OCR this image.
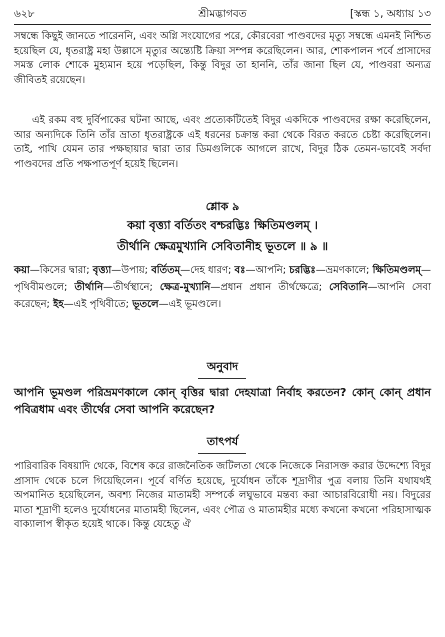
৬২৮	শ্রীমদ্ভাগবত	[স্কন্ধ ১, অধ্যায় ১৩

সম্বন্ধে কিছুই জানতে পারেননি, এবং অগ্নি সংযোগের পরে, কৌরবেরা পাণ্ডবদের মৃত্যু সম্বন্ধে এমনই নিশ্চিত হয়েছিল যে, ধৃতরাষ্ট্র মহা উল্লাসে মৃত্যুর অন্ত্যেষ্টি ক্রিয়া সম্পন্ন করেছিলেন। আর, শোকপালন পর্বে প্রাসাদের সমস্ত লোক শোকে মুহ্যমান হয়ে পড়েছিল, কিন্তু বিদুর তা হাননি, তাঁর জানা ছিল যে, পাণ্ডবরা অন্যত্র জীবিতই রয়েছেন।

এই রকম বহু দুর্বিপাকের ঘটনা আছে, এবং প্রত্যেকটিতেই বিদুর একদিকে পাণ্ডবদের রক্ষা করেছিলেন, আর অন্যদিকে তিনি তাঁর ভ্রাতা ধৃতরাষ্ট্রকে এই ধরনের চক্রান্ত করা থেকে বিরত করতে চেষ্টা করেছিলেন। তাই, পাখি যেমন তার পক্ষছায়ার দ্বারা তার ডিমগুলিকে আগলে রাখে, বিদুর ঠিক তেমন-ভাবেই সর্বদা পাণ্ডবদের প্রতি পক্ষপাতপূর্ণ হয়েই ছিলেন।

শ্লোক ৯
কয়া বৃত্ত্যা বর্তিতং বশ্চরদ্ভিঃ ক্ষিতিমণ্ডলম্ ।
তীর্থানি ক্ষেত্রমুখ্যানি সেবিতানীহ ভূতলে ॥ ৯ ॥

কয়া—কিসের দ্বারা; বৃত্ত্যা—উপায়; বর্তিতম্—দেহ ধারণ; বঃ—আপনি; চরদ্ভিঃ—ভ্রমণকালে; ক্ষিতিমণ্ডলম্—পৃথিবীমণ্ডলে; তীর্থানি—তীর্থস্থানে; ক্ষেত্র-মুখ্যানি—প্রধান প্রধান তীর্থক্ষেত্রে; সেবিতানি—আপনি সেবা করেছেন; ইহ—এই পৃথিবীতে; ভূতলে—এই ভূমণ্ডলে।

অনুবাদ

আপনি ভূমণ্ডল পরিভ্রমণকালে কোন্ বৃত্তির দ্বারা দেহযাত্রা নির্বাহ করতেন? কোন্ কোন্ প্রধান পবিত্রধাম এবং তীর্থের সেবা আপনি করেছেন?

তাৎপর্য

পারিবারিক বিষয়াদি থেকে, বিশেষ করে রাজনৈতিক জটিলতা থেকে নিজেকে নিরাসক্ত করার উদ্দেশ্যে বিদুর প্রাসাদ থেকে চলে গিয়েছিলেন। পূর্বে বর্ণিত হয়েছে, দুর্যোধন তাঁকে শূদ্রাণীর পুত্র বলায় তিনি যথাযথই অপমানিত হয়েছিলেন, অবশ্য নিজের মাতামহী সম্পর্কে লঘুভাবে মন্তব্য করা আচারবিরোধী নয়। বিদুরের মাতা শূদ্রাণী হলেও দুর্যোধনের মাতামহী ছিলেন, এবং পৌত্র ও মাতামহীর মধ্যে কখনো কখনো পরিহাসাত্মক বাক্যালাপ স্বীকৃত হয়েই থাকে। কিন্তু যেহেতু ঐ
